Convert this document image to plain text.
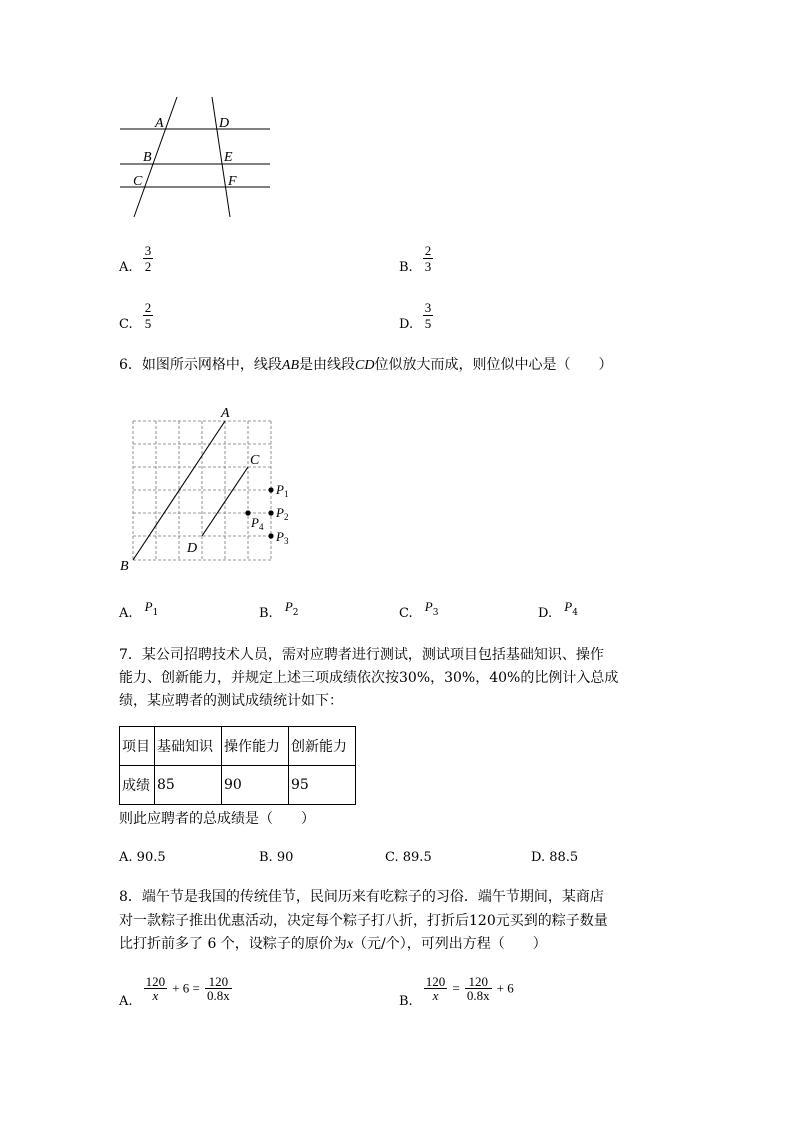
A	D
B	E
C	F
A.
3
2	B.
2
3
C.
2
5	D.
3
5
6．如图所示网格中，线段AB是由线段CD位似放大而成，则位似中心是（　　）
A
B
C
D
$P_1$
$P_2$
$P_3$
$P_4$
A. $P_1$	B. $P_2$	C. $P_3$	D. $P_4$
7．某公司招聘技术人员，需对应聘者进行测试，测试项目包括基础知识、操作
能力、创新能力，并规定上述三项成绩依次按30%，30%，40%的比例计入总成
绩，某应聘者的测试成绩统计如下：
项目	基础知识	操作能力	创新能力
成绩	85	90	95
则此应聘者的总成绩是（　　）
A. 90.5	B. 90	C. 89.5	D. 88.5
8．端午节是我国的传统佳节，民间历来有吃粽子的习俗．端午节期间，某商店
对一款粽子推出优惠活动，决定每个粽子打八折，打折后120元买到的粽子数量
比打折前多了 6 个，设粽子的原价为x（元/个），可列出方程（　　）
$_{A.} \frac{120}{x} + 6 = \frac{120}{0.8x}$	$_{B.} \frac{120}{x} = \frac{120}{0.8x} + 6$
